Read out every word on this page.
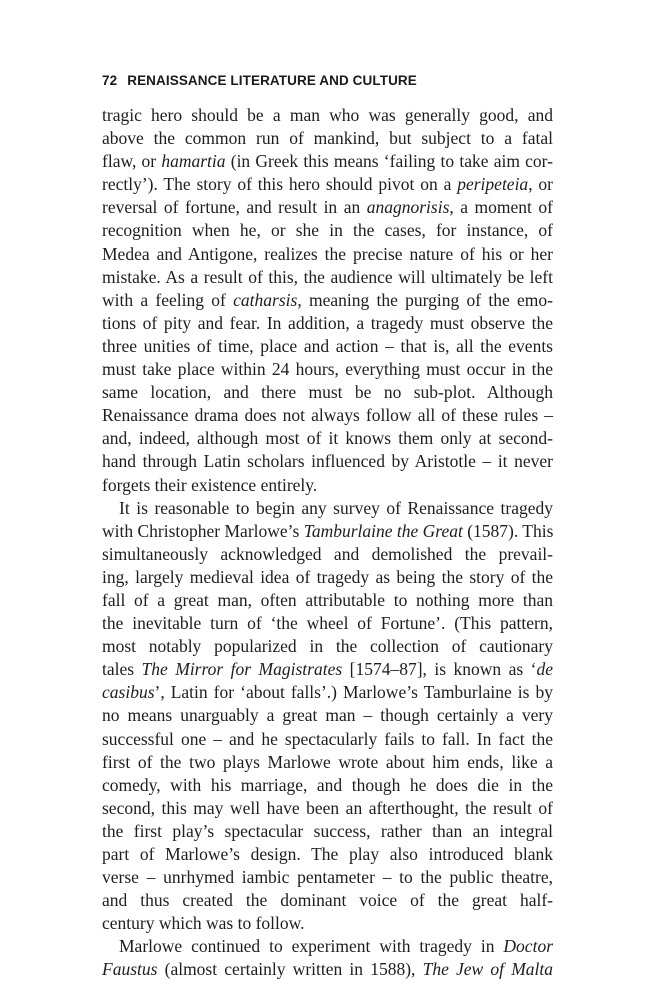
72 RENAISSANCE LITERATURE AND CULTURE
tragic hero should be a man who was generally good, and
above the common run of mankind, but subject to a fatal
flaw, or hamartia (in Greek this means ‘failing to take aim cor-
rectly’). The story of this hero should pivot on a peripeteia, or
reversal of fortune, and result in an anagnorisis, a moment of
recognition when he, or she in the cases, for instance, of
Medea and Antigone, realizes the precise nature of his or her
mistake. As a result of this, the audience will ultimately be left
with a feeling of catharsis, meaning the purging of the emo-
tions of pity and fear. In addition, a tragedy must observe the
three unities of time, place and action – that is, all the events
must take place within 24 hours, everything must occur in the
same location, and there must be no sub-plot. Although
Renaissance drama does not always follow all of these rules –
and, indeed, although most of it knows them only at second-
hand through Latin scholars influenced by Aristotle – it never
forgets their existence entirely.
It is reasonable to begin any survey of Renaissance tragedy
with Christopher Marlowe’s Tamburlaine the Great (1587). This
simultaneously acknowledged and demolished the prevail-
ing, largely medieval idea of tragedy as being the story of the
fall of a great man, often attributable to nothing more than
the inevitable turn of ‘the wheel of Fortune’. (This pattern,
most notably popularized in the collection of cautionary
tales The Mirror for Magistrates [1574–87], is known as ‘de
casibus’, Latin for ‘about falls’.) Marlowe’s Tamburlaine is by
no means unarguably a great man – though certainly a very
successful one – and he spectacularly fails to fall. In fact the
first of the two plays Marlowe wrote about him ends, like a
comedy, with his marriage, and though he does die in the
second, this may well have been an afterthought, the result of
the first play’s spectacular success, rather than an integral
part of Marlowe’s design. The play also introduced blank
verse – unrhymed iambic pentameter – to the public theatre,
and thus created the dominant voice of the great half-
century which was to follow.
Marlowe continued to experiment with tragedy in Doctor
Faustus (almost certainly written in 1588), The Jew of Malta
